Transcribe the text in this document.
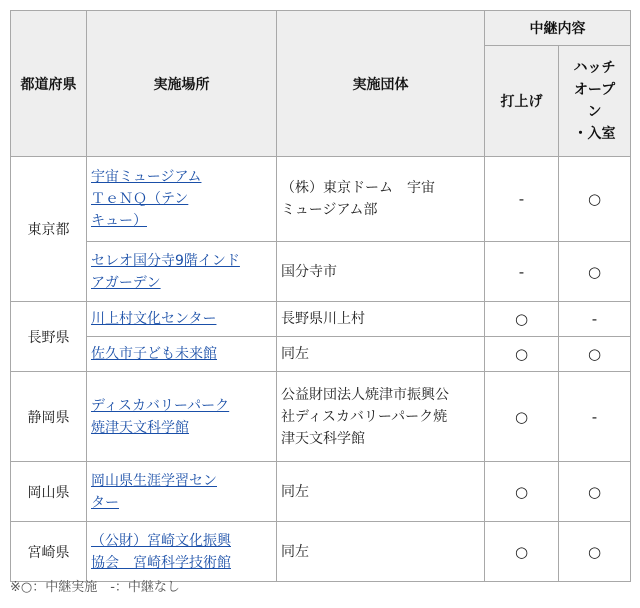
都道府県	実施場所	実施団体	中継内容	
			打上げ	ハッチ
オープ
ン
・入室

東京都	宇宙ミュージアム
ＴｅＮＱ（テン
キュー）	（株）東京ドーム　宇宙
ミュージアム部	-	○
	セレオ国分寺9階インド
アガーデン	国分寺市	-	○
長野県	川上村文化センター	長野県川上村	○	-
	佐久市子ども未来館	同左	○	○
静岡県	ディスカバリーパーク
焼津天文科学館	公益財団法人焼津市振興公
社ディスカバリーパーク焼
津天文科学館	○	-
岡山県	岡山県生涯学習セン
ター	同左	○	○
宮崎県	（公財）宮崎文化振興
協会　宮崎科学技術館	同左	○	○
※○：中継実施　-：中継なし
